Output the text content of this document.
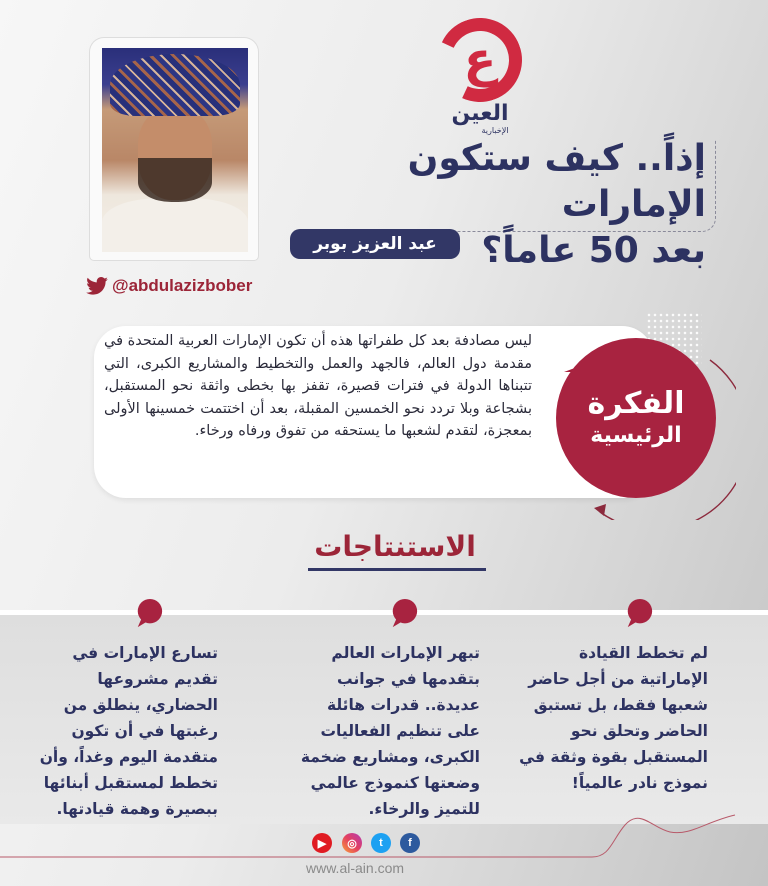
@abdulazizbober
ع
العين
الإخبارية
إذاً.. كيف ستكون الإمارات
بعد 50 عاماً؟
عبد العزيز بوبر
ليس مصادفة بعد كل طفراتها هذه أن تكون الإمارات العربية المتحدة في مقدمة دول العالم، فالجهد والعمل والتخطيط والمشاريع الكبرى، التي تتبناها الدولة في فترات قصيرة، تقفز بها بخطى واثقة نحو المستقبل، بشجاعة وبلا تردد نحو الخمسين المقبلة، بعد أن اختتمت خمسينها الأولى بمعجزة، لتقدم لشعبها ما يستحقه من تفوق ورفاه ورخاء.
الفكرة
الرئيسية
الاستنتاجات
لم تخطط القيادة الإماراتية من أجل حاضر شعبها فقط، بل تستبق الحاضر وتحلق نحو المستقبل بقوة وثقة في نموذج نادر عالمياً!
تبهر الإمارات العالم بتقدمها في جوانب عديدة.. قدرات هائلة على تنظيم الفعاليات الكبرى، ومشاريع ضخمة وضعتها كنموذج عالمي للتميز والرخاء.
تسارع الإمارات في تقديم مشروعها الحضاري، ينطلق من رغبتها في أن تكون متقدمة اليوم وغداً، وأن تخطط لمستقبل أبنائها ببصيرة وهمة قيادتها.
▶ ◎ t f
www.al-ain.com
